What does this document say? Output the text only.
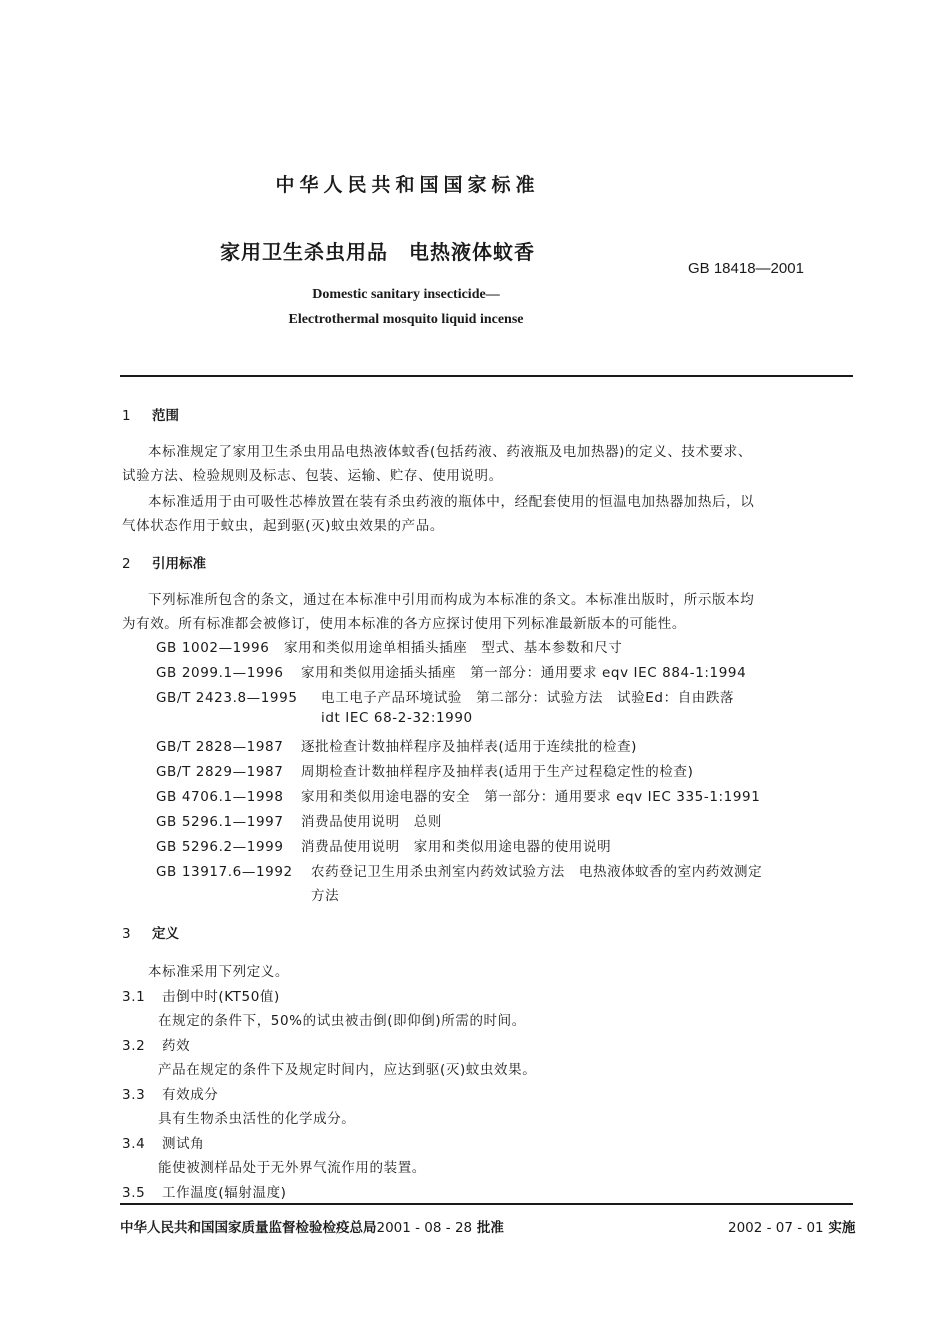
中华人民共和国国家标准
家用卫生杀虫用品　电热液体蚊香
GB 18418—2001
Domestic sanitary insecticide—
Electrothermal mosquito liquid incense
1 范围
本标准规定了家用卫生杀虫用品电热液体蚊香(包括药液、药液瓶及电加热器)的定义、技术要求、
试验方法、检验规则及标志、包装、运输、贮存、使用说明。
本标准适用于由可吸性芯棒放置在装有杀虫药液的瓶体中，经配套使用的恒温电加热器加热后，以
气体状态作用于蚊虫，起到驱(灭)蚊虫效果的产品。
2 引用标准
下列标准所包含的条文，通过在本标准中引用而构成为本标准的条文。本标准出版时，所示版本均
为有效。所有标准都会被修订，使用本标准的各方应探讨使用下列标准最新版本的可能性。
GB 1002—1996 家用和类似用途单相插头插座　型式、基本参数和尺寸
GB 2099.1—1996 家用和类似用途插头插座　第一部分：通用要求 eqv IEC 884-1:1994
GB/T 2423.8—1995 电工电子产品环境试验　第二部分：试验方法　试验Ed：自由跌落
idt IEC 68-2-32:1990
GB/T 2828—1987 逐批检查计数抽样程序及抽样表(适用于连续批的检查)
GB/T 2829—1987 周期检查计数抽样程序及抽样表(适用于生产过程稳定性的检查)
GB 4706.1—1998 家用和类似用途电器的安全　第一部分：通用要求 eqv IEC 335-1:1991
GB 5296.1—1997 消费品使用说明　总则
GB 5296.2—1999 消费品使用说明　家用和类似用途电器的使用说明
GB 13917.6—1992 农药登记卫生用杀虫剂室内药效试验方法　电热液体蚊香的室内药效测定
方法
3 定义
本标准采用下列定义。
3.1 击倒中时(KT50值)
在规定的条件下，50%的试虫被击倒(即仰倒)所需的时间。
3.2 药效
产品在规定的条件下及规定时间内，应达到驱(灭)蚊虫效果。
3.3 有效成分
具有生物杀虫活性的化学成分。
3.4 测试角
能使被测样品处于无外界气流作用的装置。
3.5 工作温度(辐射温度)
中华人民共和国国家质量监督检验检疫总局2001 - 08 - 28 批准	2002 - 07 - 01 实施
